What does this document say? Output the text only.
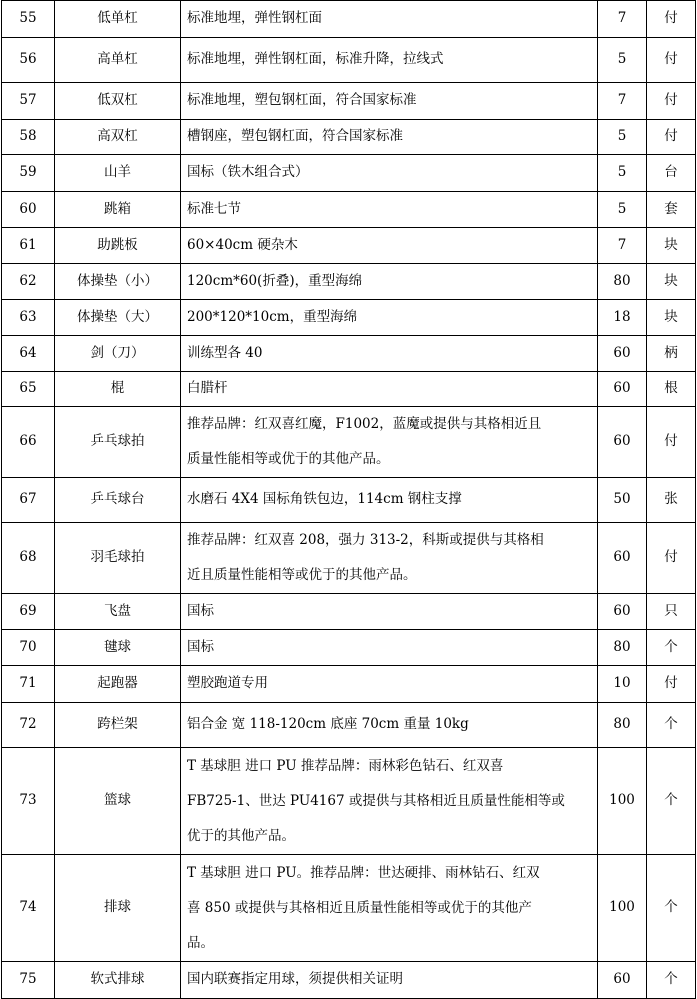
55	低单杠	标准地埋，弹性钢杠面	7	付
56	高单杠	标准地埋，弹性钢杠面，标准升降，拉线式	5	付
57	低双杠	标准地埋，塑包钢杠面，符合国家标准	7	付
58	高双杠	槽钢座，塑包钢杠面，符合国家标准	5	付
59	山羊	国标（铁木组合式）	5	台
60	跳箱	标准七节	5	套
61	助跳板	60×40cm 硬杂木	7	块
62	体操垫（小）	120cm*60(折叠)，重型海绵	80	块
63	体操垫（大）	200*120*10cm，重型海绵	18	块
64	剑（刀）	训练型各 40	60	柄
65	棍	白腊杆	60	根
66	乒乓球拍	推荐品牌：红双喜红魔，F1002，蓝魔或提供与其格相近且
质量性能相等或优于的其他产品。	60	付
67	乒乓球台	水磨石 4X4 国标角铁包边，114cm 钢柱支撑	50	张
68	羽毛球拍	推荐品牌：红双喜 208，强力 313-2，科斯或提供与其格相
近且质量性能相等或优于的其他产品。	60	付
69	飞盘	国标	60	只
70	毽球	国标	80	个
71	起跑器	塑胶跑道专用	10	付
72	跨栏架	铝合金 宽 118-120cm 底座 70cm 重量 10kg	80	个
73	篮球	T 基球胆 进口 PU 推荐品牌：雨林彩色钻石、红双喜
FB725-1、世达 PU4167 或提供与其格相近且质量性能相等或
优于的其他产品。	100	个
74	排球	T 基球胆 进口 PU。推荐品牌：世达硬排、雨林钻石、红双
喜 850 或提供与其格相近且质量性能相等或优于的其他产
品。	100	个
75	软式排球	国内联赛指定用球，须提供相关证明	60	个
